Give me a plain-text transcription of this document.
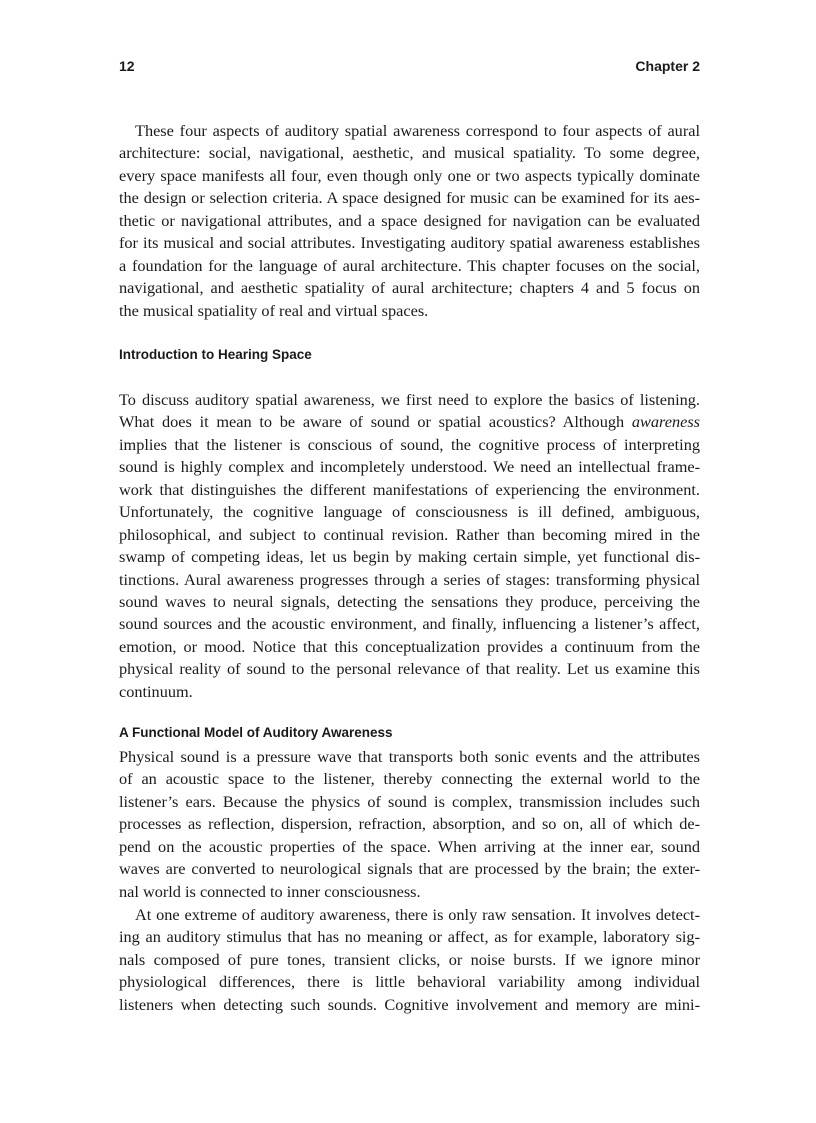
12	Chapter 2
These four aspects of auditory spatial awareness correspond to four aspects of aural
architecture: social, navigational, aesthetic, and musical spatiality. To some degree,
every space manifests all four, even though only one or two aspects typically dominate
the design or selection criteria. A space designed for music can be examined for its aes-
thetic or navigational attributes, and a space designed for navigation can be evaluated
for its musical and social attributes. Investigating auditory spatial awareness establishes
a foundation for the language of aural architecture. This chapter focuses on the social,
navigational, and aesthetic spatiality of aural architecture; chapters 4 and 5 focus on
the musical spatiality of real and virtual spaces.
Introduction to Hearing Space
To discuss auditory spatial awareness, we first need to explore the basics of listening.
What does it mean to be aware of sound or spatial acoustics? Although awareness
implies that the listener is conscious of sound, the cognitive process of interpreting
sound is highly complex and incompletely understood. We need an intellectual frame-
work that distinguishes the different manifestations of experiencing the environment.
Unfortunately, the cognitive language of consciousness is ill defined, ambiguous,
philosophical, and subject to continual revision. Rather than becoming mired in the
swamp of competing ideas, let us begin by making certain simple, yet functional dis-
tinctions. Aural awareness progresses through a series of stages: transforming physical
sound waves to neural signals, detecting the sensations they produce, perceiving the
sound sources and the acoustic environment, and finally, influencing a listener’s affect,
emotion, or mood. Notice that this conceptualization provides a continuum from the
physical reality of sound to the personal relevance of that reality. Let us examine this
continuum.
A Functional Model of Auditory Awareness
Physical sound is a pressure wave that transports both sonic events and the attributes
of an acoustic space to the listener, thereby connecting the external world to the
listener’s ears. Because the physics of sound is complex, transmission includes such
processes as reflection, dispersion, refraction, absorption, and so on, all of which de-
pend on the acoustic properties of the space. When arriving at the inner ear, sound
waves are converted to neurological signals that are processed by the brain; the exter-
nal world is connected to inner consciousness.
At one extreme of auditory awareness, there is only raw sensation. It involves detect-
ing an auditory stimulus that has no meaning or affect, as for example, laboratory sig-
nals composed of pure tones, transient clicks, or noise bursts. If we ignore minor
physiological differences, there is little behavioral variability among individual
listeners when detecting such sounds. Cognitive involvement and memory are mini-
